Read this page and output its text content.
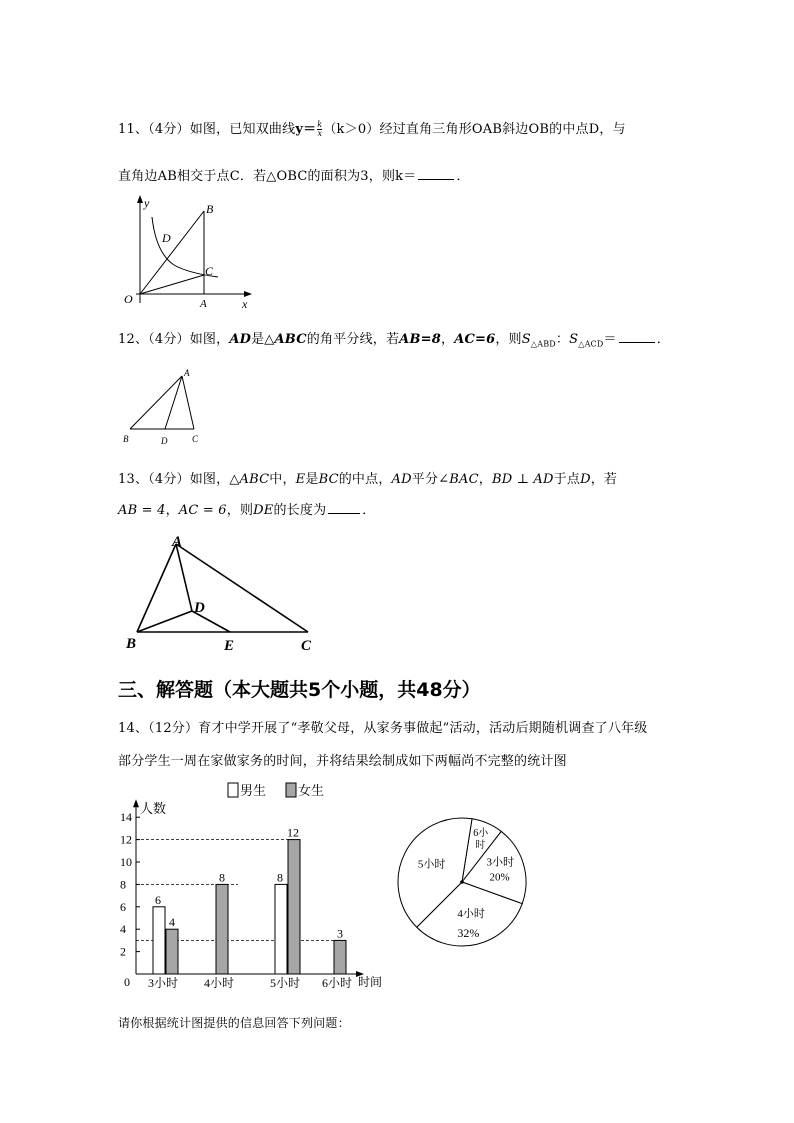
11、（4分）如图，已知双曲线$y= \frac{k}{x} (k>0)$经过直角三角形OAB斜边OB的中点D，与
直角边AB相交于点C．若△OBC的面积为3，则k＝	．
y
x
O	A
B
C
D
12、（4分）如图，AD是△ABC的角平分线，若AB=8，AC=6，则$S_{\triangle ABD}$：$S_{\triangle ACD}=$	．
A
B	D	C
13、（4分）如图，△ABC中，E是BC的中点，AD平分∠BAC，BD ⊥ AD于点D，若
AB = 4，AC = 6，则DE的长度为	．
A
B
D
E	C
三、解答题（本大题共5个小题，共48分）
14、（12分）育才中学开展了“孝敬父母，从家务事做起”活动，活动后期随机调查了八年级
部分学生一周在家做家务的时间，并将结果绘制成如下两幅尚不完整的统计图
人数
时间
0
2
4
6
8
10
12
14
6
4
3小时
8
4小时
8
12
5小时
3
6小时
男生 女生
3小时
20%
4小时
32%
5小时
6小
时
请你根据统计图提供的信息回答下列问题：
